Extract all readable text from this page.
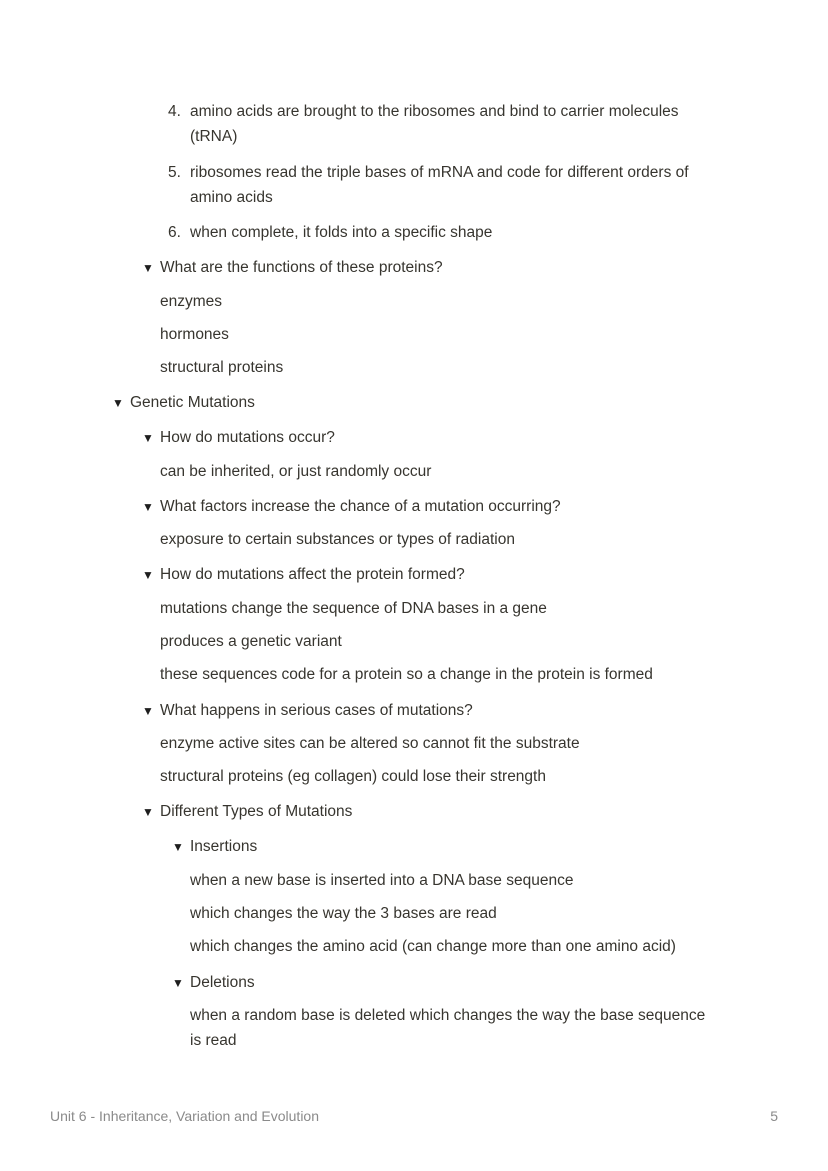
4. amino acids are brought to the ribosomes and bind to carrier molecules (tRNA)
5. ribosomes read the triple bases of mRNA and code for different orders of amino acids
6. when complete, it folds into a specific shape
▼ What are the functions of these proteins?
enzymes
hormones
structural proteins
▼ Genetic Mutations
▼ How do mutations occur?
can be inherited, or just randomly occur
▼ What factors increase the chance of a mutation occurring?
exposure to certain substances or types of radiation
▼ How do mutations affect the protein formed?
mutations change the sequence of DNA bases in a gene
produces a genetic variant
these sequences code for a protein so a change in the protein is formed
▼ What happens in serious cases of mutations?
enzyme active sites can be altered so cannot fit the substrate
structural proteins (eg collagen) could lose their strength
▼ Different Types of Mutations
▼ Insertions
when a new base is inserted into a DNA base sequence
which changes the way the 3 bases are read
which changes the amino acid (can change more than one amino acid)
▼ Deletions
when a random base is deleted which changes the way the base sequence is read
Unit 6 - Inheritance, Variation and Evolution	5
